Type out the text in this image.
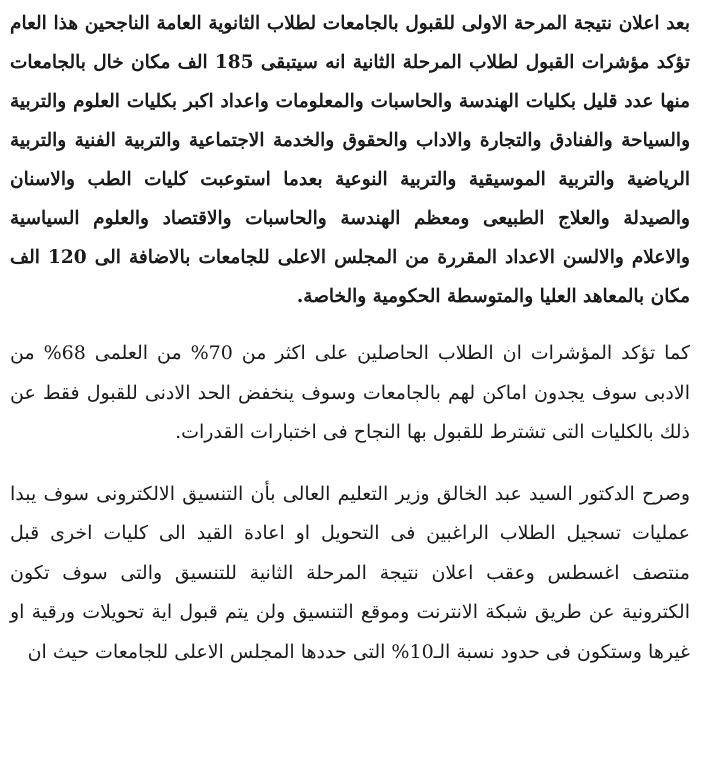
بعد اعلان نتيجة المرحة الاولى للقبول بالجامعات لطلاب الثانوية العامة الناجحين هذا العام تؤكد مؤشرات القبول لطلاب المرحلة الثانية انه سيتبقى 185 الف مكان خال بالجامعات منها عدد قليل بكليات الهندسة والحاسبات والمعلومات واعداد اكبر بكليات العلوم والتربية والسياحة والفنادق والتجارة والاداب والحقوق والخدمة الاجتماعية والتربية الفنية والتربية الرياضية والتربية الموسيقية والتربية النوعية بعدما استوعبت كليات الطب والاسنان والصيدلة والعلاج الطبيعى ومعظم الهندسة والحاسبات والاقتصاد والعلوم السياسية والاعلام والالسن الاعداد المقررة من المجلس الاعلى للجامعات بالاضافة الى 120 الف مكان بالمعاهد العليا والمتوسطة الحكومية والخاصة.

كما تؤكد المؤشرات ان الطلاب الحاصلين على اكثر من 70% من العلمى 68% من الادبى سوف يجدون اماكن لهم بالجامعات وسوف ينخفض الحد الادنى للقبول فقط عن ذلك بالكليات التى تشترط للقبول بها النجاح فى اختبارات القدرات.

وصرح الدكتور السيد عبد الخالق وزير التعليم العالى بأن التنسيق الالكترونى سوف يبدا عمليات تسجيل الطلاب الراغبين فى التحويل او اعادة القيد الى كليات اخرى قبل منتصف اغسطس وعقب اعلان نتيجة المرحلة الثانية للتنسيق والتى سوف تكون الكترونية عن طريق شبكة الانترنت وموقع التنسيق ولن يتم قبول اية تحويلات ورقية او غيرها وستكون فى حدود نسبة الـ10% التى حددها المجلس الاعلى للجامعات حيث ان
